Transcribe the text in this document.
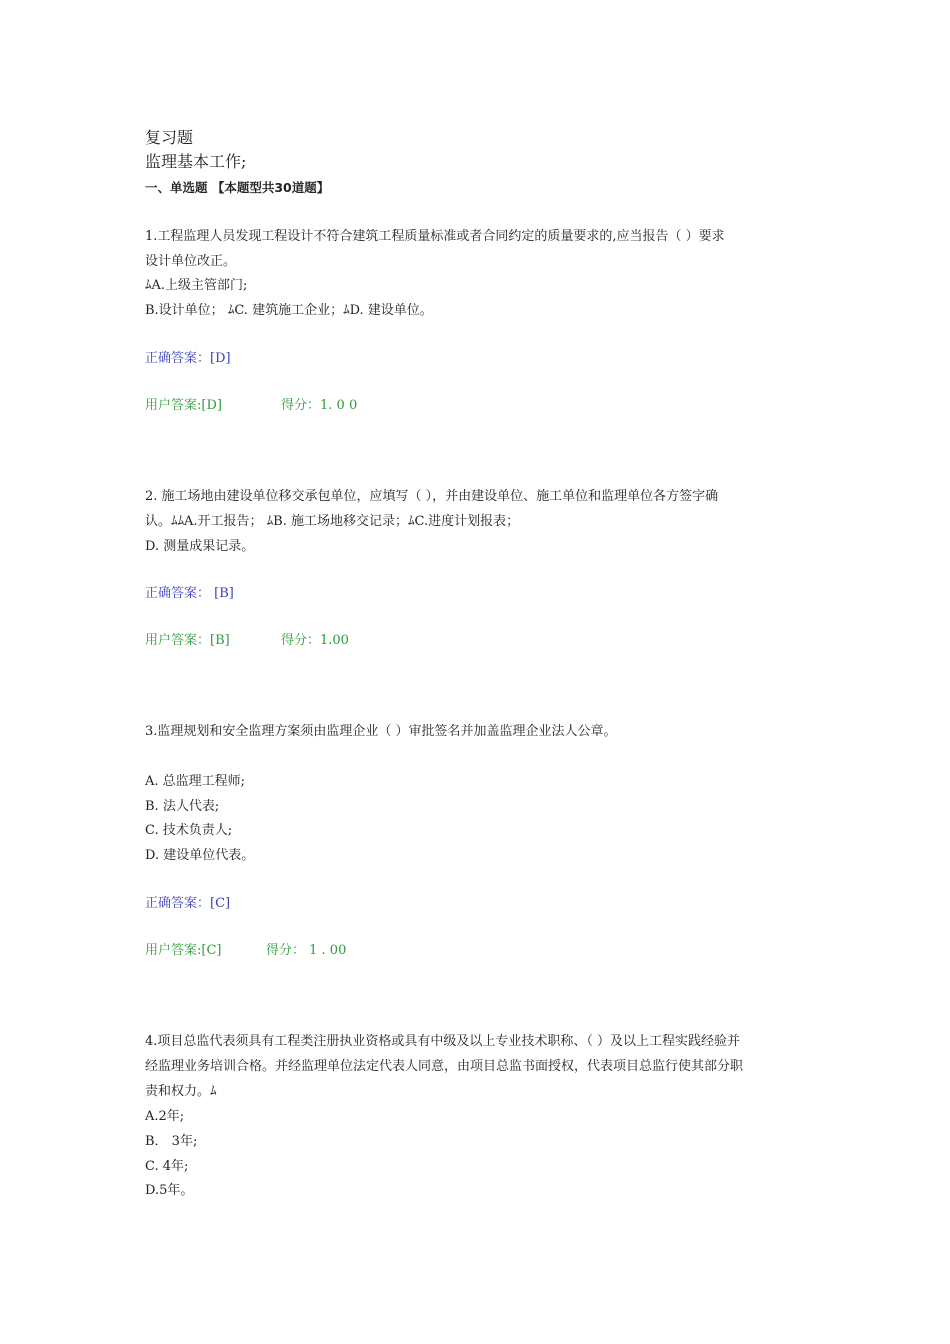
复习题
监理基本工作;
一、单选题 【本题型共30道题】
1.工程监理人员发现工程设计不符合建筑工程质量标准或者合同约定的质量要求的,应当报告（ ）要求
设计单位改正。
ﾑA.上级主管部门;
B.设计单位； ﾑC. 建筑施工企业；ﾑD. 建设单位。
正确答案：[D]
用户答案:[D]	得分：1. 0 0
2. 施工场地由建设单位移交承包单位，应填写（ ），并由建设单位、施工单位和监理单位各方签字确
认。ﾑﾑA.开工报告； ﾑB. 施工场地移交记录；ﾑC.进度计划报表；
D. 测量成果记录。
正确答案： [B]
用户答案：[B]	得分：1.00
3.监理规划和安全监理方案须由监理企业（ ）审批签名并加盖监理企业法人公章。
A. 总监理工程师;
B. 法人代表;
C. 技术负责人;
D. 建设单位代表。
正确答案：[C]
用户答案:[C]	得分： 1 . 00
4.项目总监代表须具有工程类注册执业资格或具有中级及以上专业技术职称、（ ）及以上工程实践经验并
经监理业务培训合格。并经监理单位法定代表人同意，由项目总监书面授权，代表项目总监行使其部分职
责和权力。ﾑ
A.2年;
B． 3年;
C. 4年;
D.5年。
